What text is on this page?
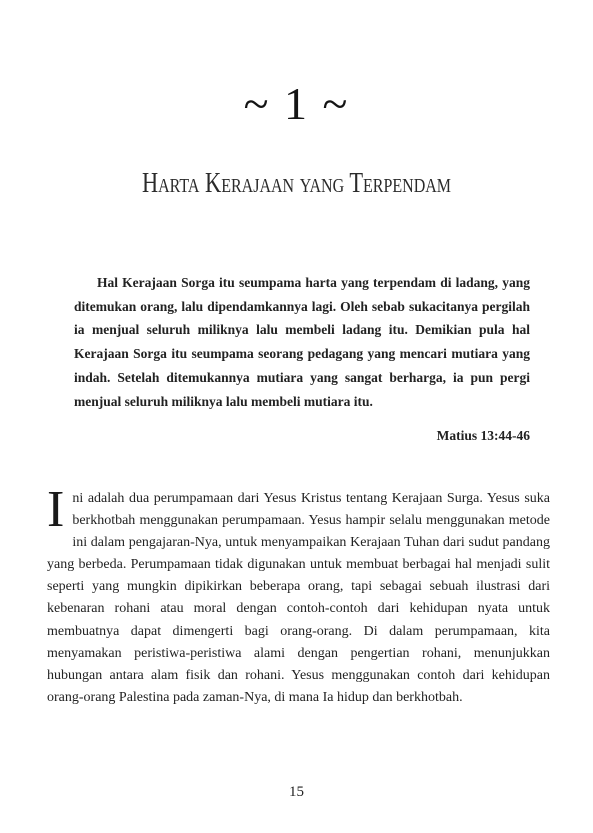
~ 1 ~
Harta Kerajaan yang Terpendam

Hal Kerajaan Sorga itu seumpama harta yang terpendam di ladang, yang ditemukan orang, lalu dipendamkannya lagi. Oleh sebab sukacitanya pergilah ia menjual seluruh miliknya lalu membeli ladang itu. Demikian pula hal Kerajaan Sorga itu seumpama seorang pedagang yang mencari mutiara yang indah. Setelah ditemukannya mutiara yang sangat berharga, ia pun pergi menjual seluruh miliknya lalu membeli mutiara itu.

Matius 13:44-46

Ini adalah dua perumpamaan dari Yesus Kristus tentang Kerajaan Surga. Yesus suka berkhotbah menggunakan perumpamaan. Yesus hampir selalu menggunakan metode ini dalam pengajaran-Nya, untuk menyampaikan Kerajaan Tuhan dari sudut pandang yang berbeda. Perumpamaan tidak digunakan untuk membuat berbagai hal menjadi sulit seperti yang mungkin dipikirkan beberapa orang, tapi sebagai sebuah ilustrasi dari kebenaran rohani atau moral dengan contoh-contoh dari kehidupan nyata untuk membuatnya dapat dimengerti bagi orang-orang. Di dalam perumpamaan, kita menyamakan peristiwa-peristiwa alami dengan pengertian rohani, menunjukkan hubungan antara alam fisik dan rohani. Yesus menggunakan contoh dari kehidupan orang-orang Palestina pada zaman-Nya, di mana Ia hidup dan berkhotbah.

15
